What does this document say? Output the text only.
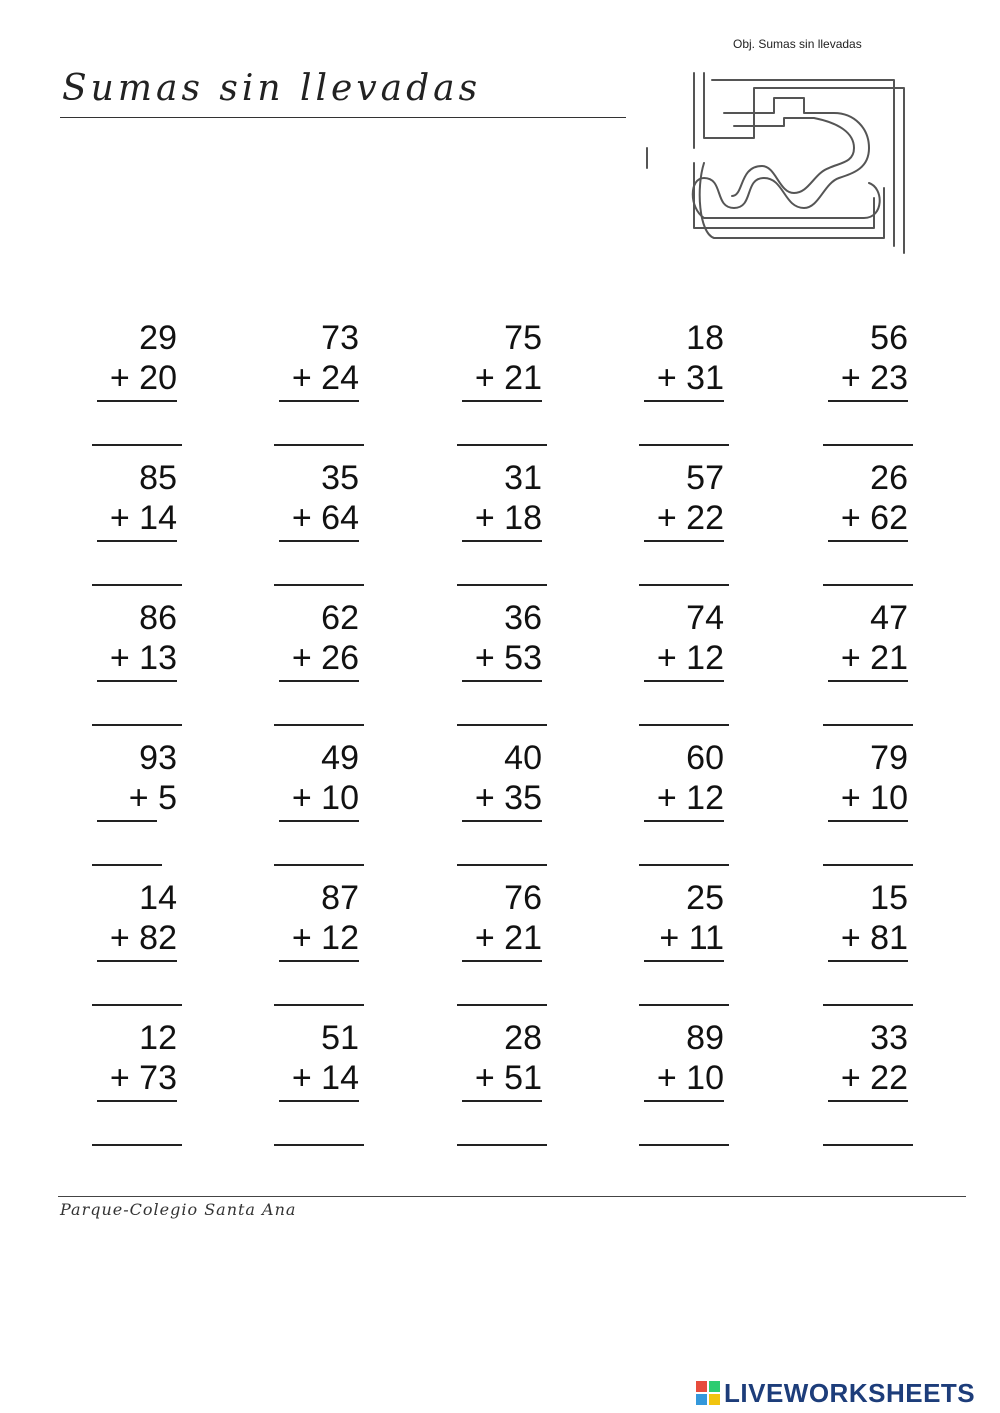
Obj. Sumas sin llevadas
Sumas sin llevadas
29
+ 20
73
+ 24
75
+ 21
18
+ 31
56
+ 23
85
+ 14
35
+ 64
31
+ 18
57
+ 22
26
+ 62
86
+ 13
62
+ 26
36
+ 53
74
+ 12
47
+ 21
93
+ 5
49
+ 10
40
+ 35
60
+ 12
79
+ 10
14
+ 82
87
+ 12
76
+ 21
25
+ 11
15
+ 81
12
+ 73
51
+ 14
28
+ 51
89
+ 10
33
+ 22
Parque-Colegio Santa Ana
LIVEWORKSHEETS
